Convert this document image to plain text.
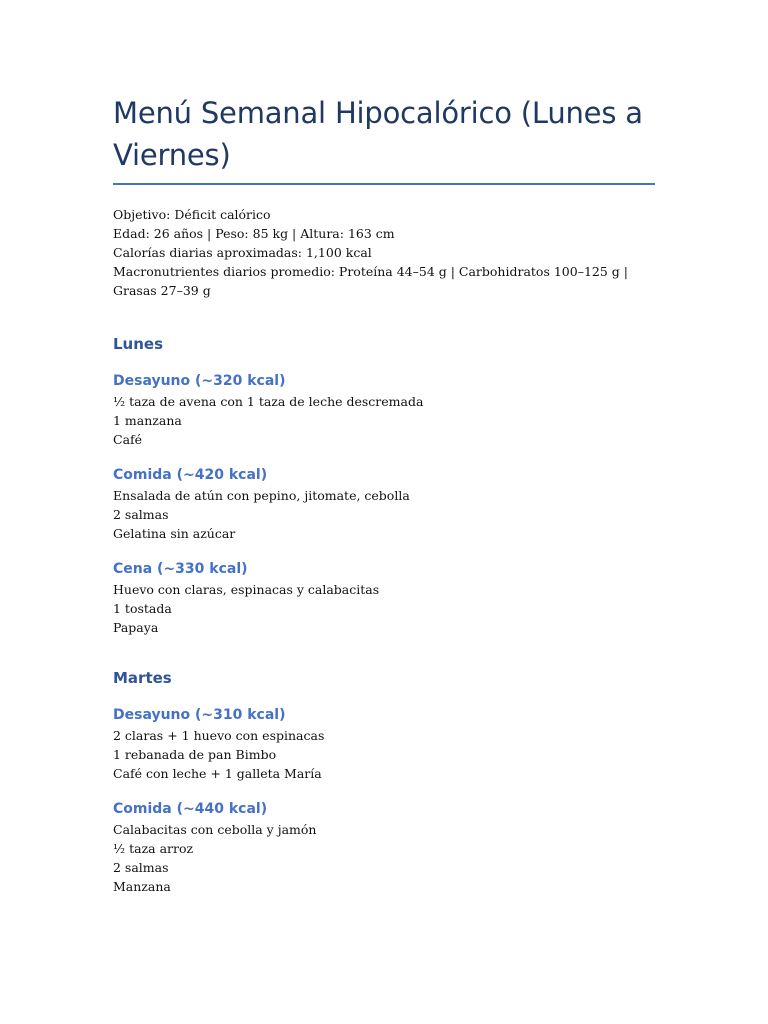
Menú Semanal Hipocalórico (Lunes a Viernes)
Objetivo: Déficit calórico
Edad: 26 años | Peso: 85 kg | Altura: 163 cm
Calorías diarias aproximadas: 1,100 kcal
Macronutrientes diarios promedio: Proteína 44–54 g | Carbohidratos 100–125 g | Grasas 27–39 g
Lunes
Desayuno (~320 kcal)
½ taza de avena con 1 taza de leche descremada
1 manzana
Café
Comida (~420 kcal)
Ensalada de atún con pepino, jitomate, cebolla
2 salmas
Gelatina sin azúcar
Cena (~330 kcal)
Huevo con claras, espinacas y calabacitas
1 tostada
Papaya
Martes
Desayuno (~310 kcal)
2 claras + 1 huevo con espinacas
1 rebanada de pan Bimbo
Café con leche + 1 galleta María
Comida (~440 kcal)
Calabacitas con cebolla y jamón
½ taza arroz
2 salmas
Manzana
